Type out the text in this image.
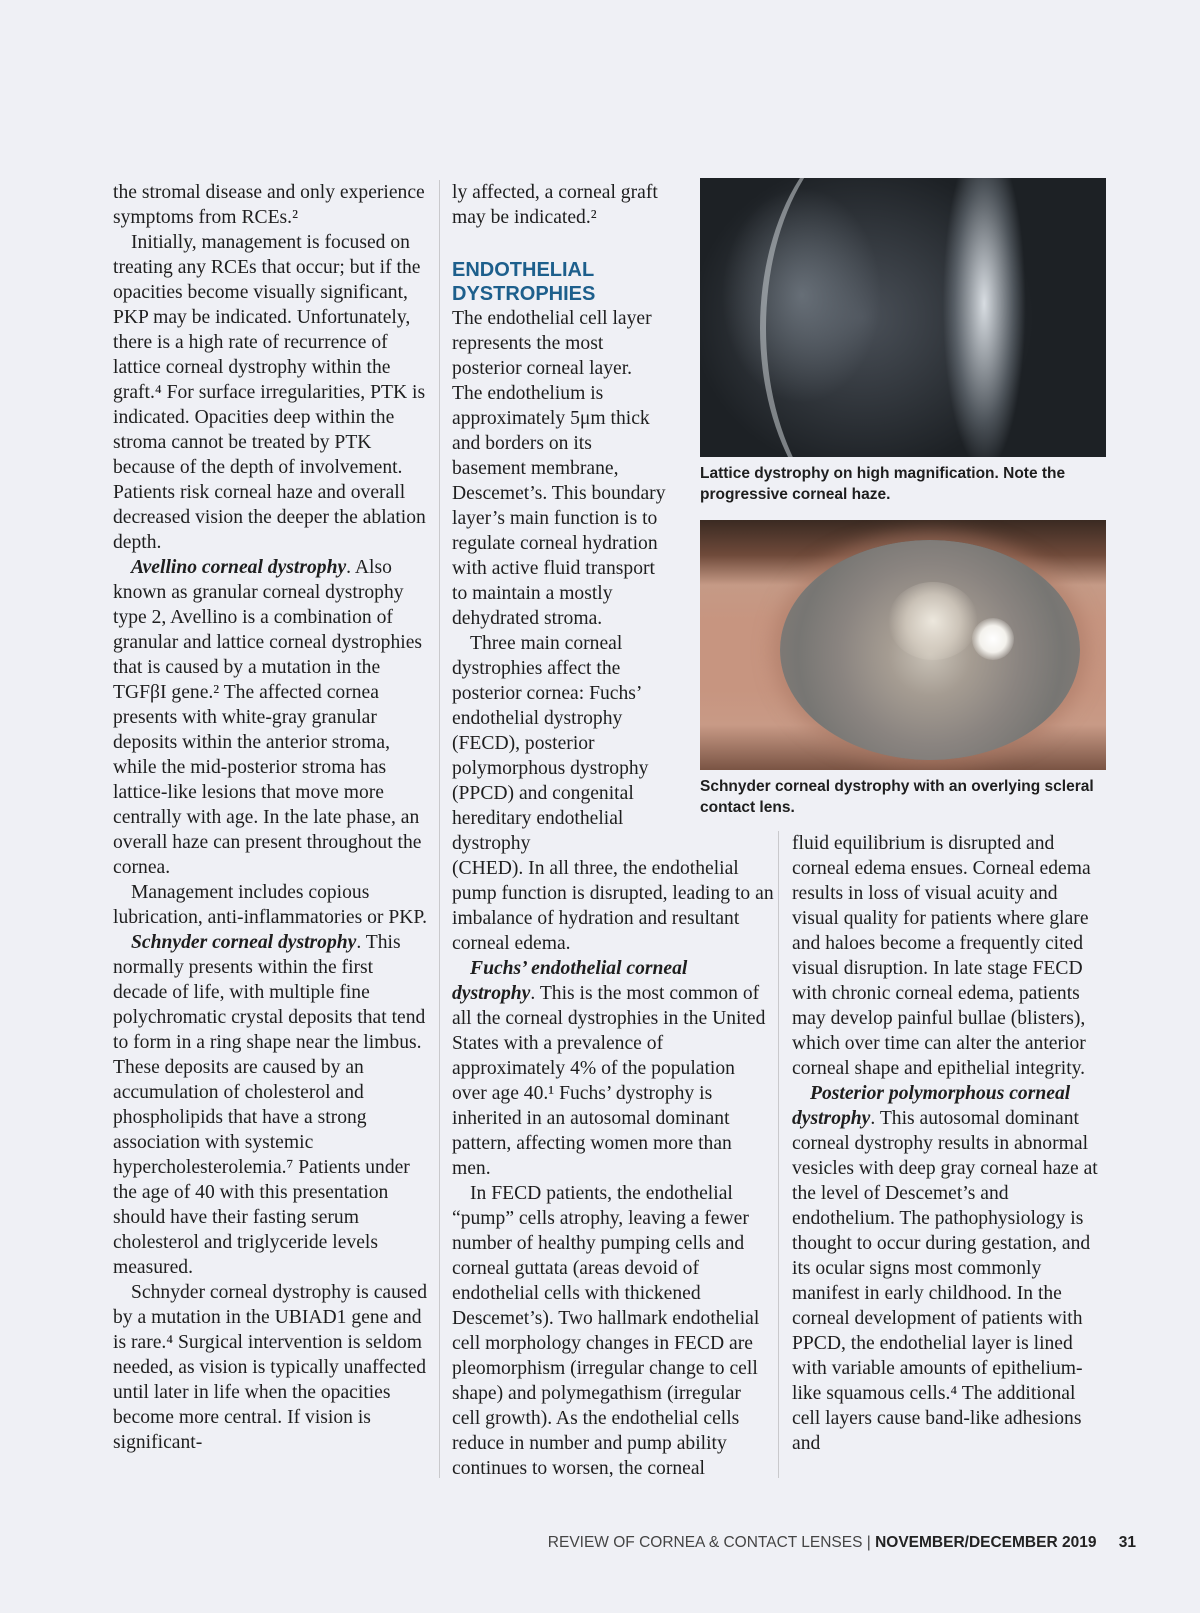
the stromal disease and only experience symptoms from RCEs.²

Initially, management is focused on treating any RCEs that occur; but if the opacities become visually significant, PKP may be indicated. Unfortunately, there is a high rate of recurrence of lattice corneal dystrophy within the graft.⁴ For surface irregularities, PTK is indicated. Opacities deep within the stroma cannot be treated by PTK because of the depth of involvement. Patients risk corneal haze and overall decreased vision the deeper the ablation depth.

Avellino corneal dystrophy. Also known as granular corneal dystrophy type 2, Avellino is a combination of granular and lattice corneal dystrophies that is caused by a mutation in the TGFβI gene.² The affected cornea presents with white-gray granular deposits within the anterior stroma, while the mid-posterior stroma has lattice-like lesions that move more centrally with age. In the late phase, an overall haze can present throughout the cornea.

Management includes copious lubrication, anti-inflammatories or PKP.

Schnyder corneal dystrophy. This normally presents within the first decade of life, with multiple fine polychromatic crystal deposits that tend to form in a ring shape near the limbus. These deposits are caused by an accumulation of cholesterol and phospholipids that have a strong association with systemic hypercholesterolemia.⁷ Patients under the age of 40 with this presentation should have their fasting serum cholesterol and triglyceride levels measured.

Schnyder corneal dystrophy is caused by a mutation in the UBIAD1 gene and is rare.⁴ Surgical intervention is seldom needed, as vision is typically unaffected until later in life when the opacities become more central. If vision is significant-

ly affected, a corneal graft may be indicated.²

ENDOTHELIAL
DYSTROPHIES

The endothelial cell layer represents the most posterior corneal layer. The endothelium is approximately 5μm thick and borders on its basement membrane, Descemet’s. This boundary layer’s main function is to regulate corneal hydration with active fluid transport to maintain a mostly dehydrated stroma.

Three main corneal dystrophies affect the posterior cornea: Fuchs’ endothelial dystrophy (FECD), posterior polymorphous dystrophy (PPCD) and congenital hereditary endothelial dystrophy

(CHED). In all three, the endothelial pump function is disrupted, leading to an imbalance of hydration and resultant corneal edema.

Fuchs’ endothelial corneal dystrophy. This is the most common of all the corneal dystrophies in the United States with a prevalence of approximately 4% of the population over age 40.¹ Fuchs’ dystrophy is inherited in an autosomal dominant pattern, affecting women more than men.

In FECD patients, the endothelial “pump” cells atrophy, leaving a fewer number of healthy pumping cells and corneal guttata (areas devoid of endothelial cells with thickened Descemet’s). Two hallmark endothelial cell morphology changes in FECD are pleomorphism (irregular change to cell shape) and polymegathism (irregular cell growth). As the endothelial cells reduce in number and pump ability continues to worsen, the corneal

Lattice dystrophy on high magnification. Note the progressive corneal haze.
Schnyder corneal dystrophy with an overlying scleral contact lens.

fluid equilibrium is disrupted and corneal edema ensues. Corneal edema results in loss of visual acuity and visual quality for patients where glare and haloes become a frequently cited visual disruption. In late stage FECD with chronic corneal edema, patients may develop painful bullae (blisters), which over time can alter the anterior corneal shape and epithelial integrity.

Posterior polymorphous corneal dystrophy. This autosomal dominant corneal dystrophy results in abnormal vesicles with deep gray corneal haze at the level of Descemet’s and endothelium. The pathophysiology is thought to occur during gestation, and its ocular signs most commonly manifest in early childhood. In the corneal development of patients with PPCD, the endothelial layer is lined with variable amounts of epithelium-like squamous cells.⁴ The additional cell layers cause band-like adhesions and

REVIEW OF CORNEA & CONTACT LENSES | NOVEMBER/DECEMBER 2019 31
